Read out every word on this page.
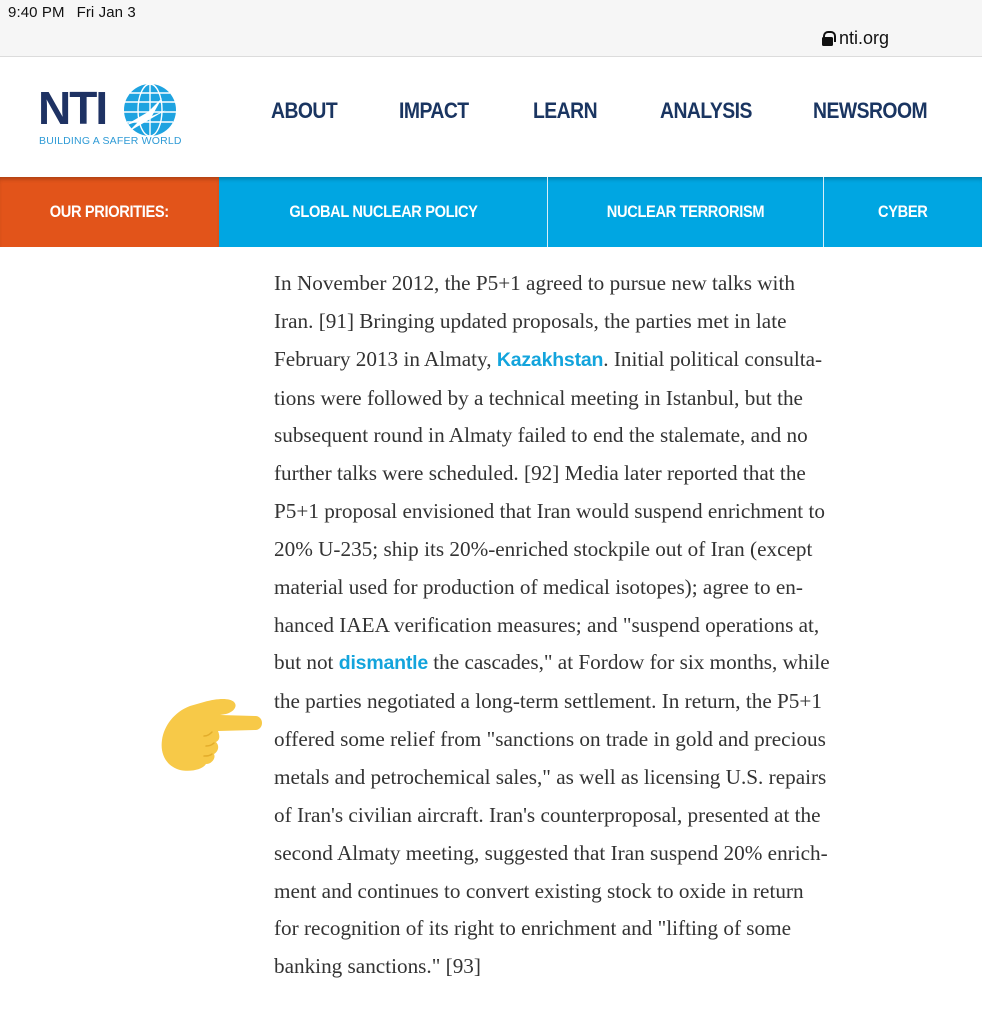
9:40 PM Fri Jan 3
nti.org
NTI
BUILDING A SAFER WORLD
ABOUT	IMPACT	LEARN	ANALYSIS	NEWSROOM
OUR PRIORITIES:	GLOBAL NUCLEAR POLICY	NUCLEAR TERRORISM	CYBER
In November 2012, the P5+1 agreed to pursue new talks with
Iran. [91] Bringing updated proposals, the parties met in late
February 2013 in Almaty, Kazakhstan. Initial political consulta-
tions were followed by a technical meeting in Istanbul, but the
subsequent round in Almaty failed to end the stalemate, and no
further talks were scheduled. [92] Media later reported that the
P5+1 proposal envisioned that Iran would suspend enrichment to
20% U-235; ship its 20%-enriched stockpile out of Iran (except
material used for production of medical isotopes); agree to en-
hanced IAEA verification measures; and "suspend operations at,
but not dismantle the cascades," at Fordow for six months, while
the parties negotiated a long-term settlement. In return, the P5+1
offered some relief from "sanctions on trade in gold and precious
metals and petrochemical sales," as well as licensing U.S. repairs
of Iran's civilian aircraft. Iran's counterproposal, presented at the
second Almaty meeting, suggested that Iran suspend 20% enrich-
ment and continues to convert existing stock to oxide in return
for recognition of its right to enrichment and "lifting of some
banking sanctions." [93]
